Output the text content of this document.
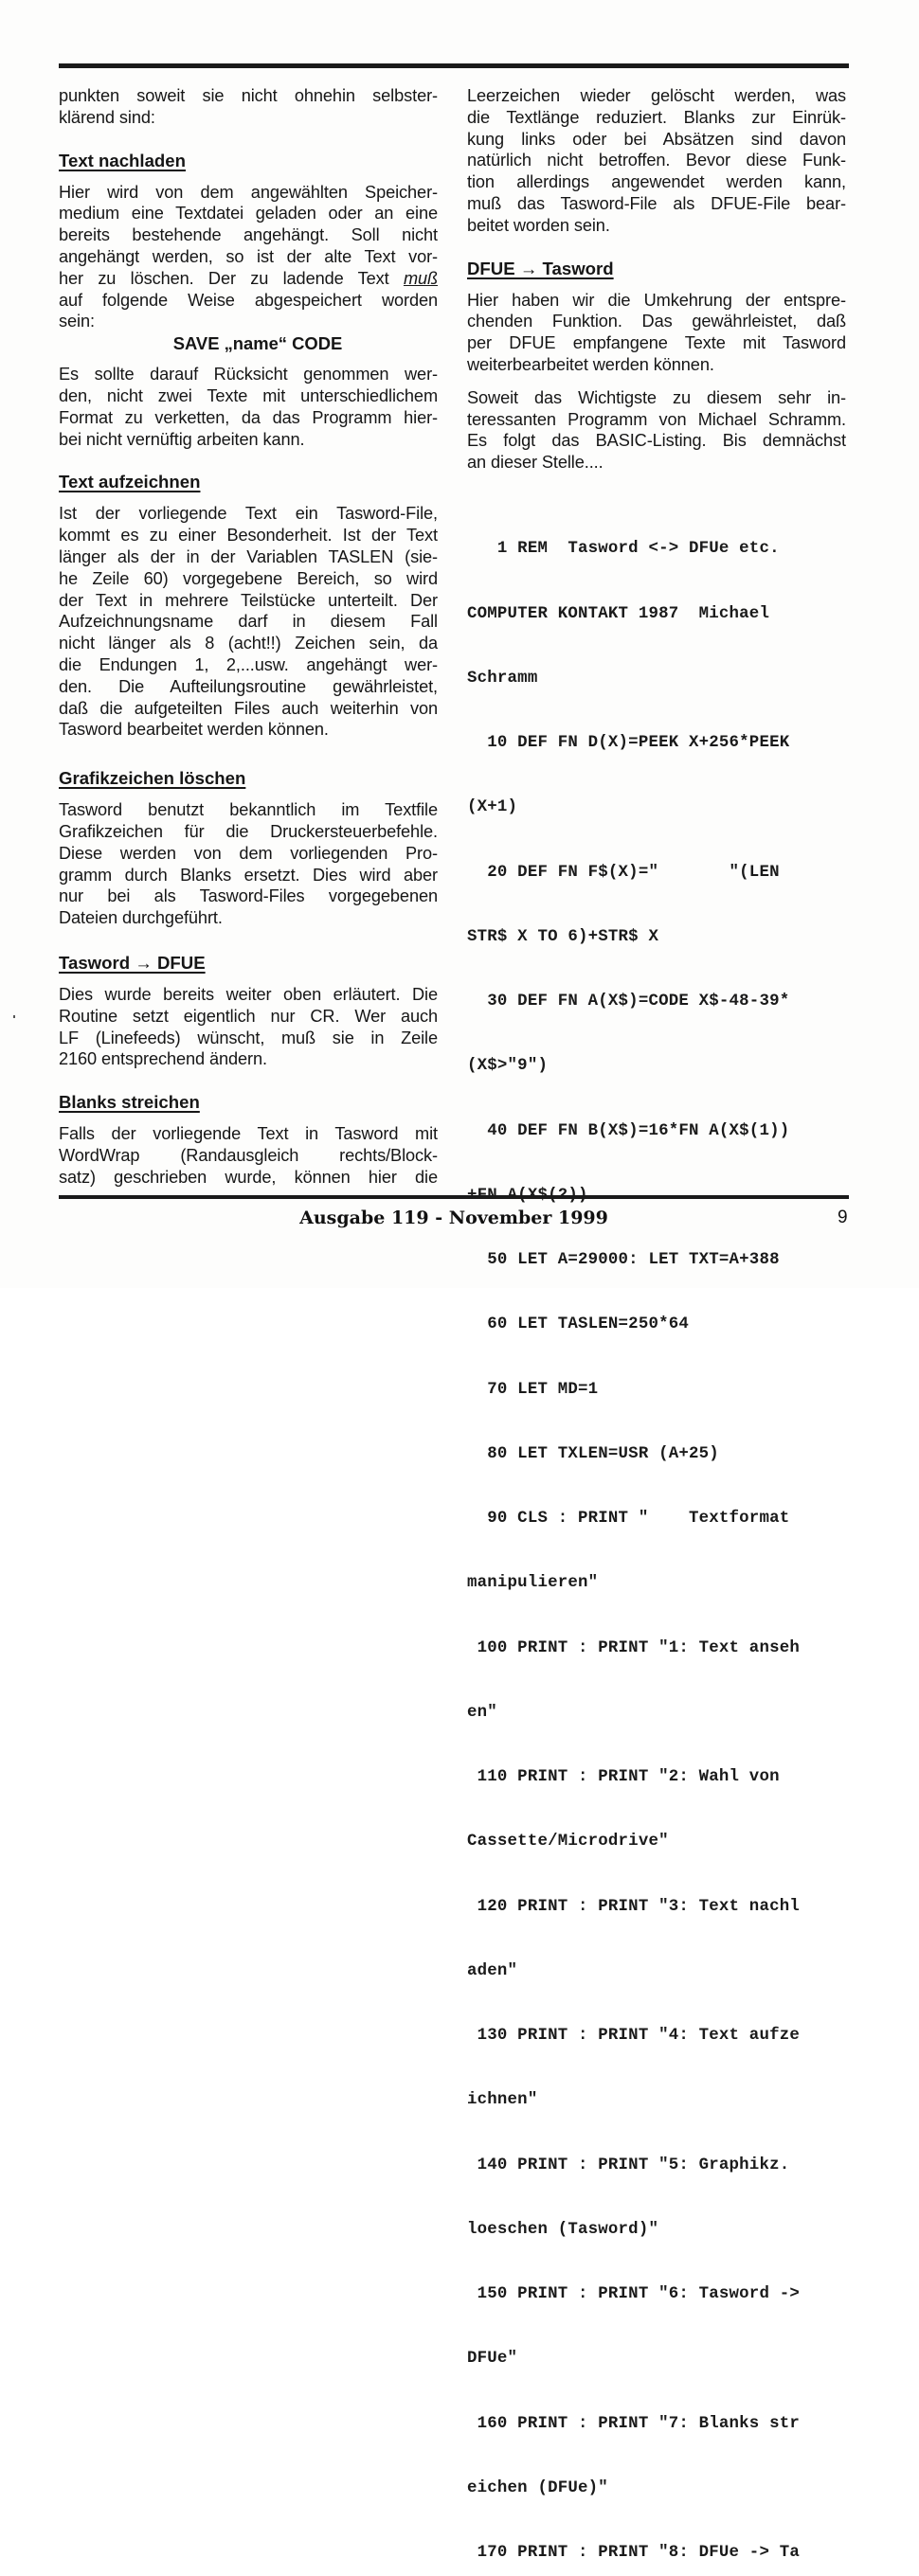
punkten soweit sie nicht ohnehin selbster-
klärend sind:

Text nachladen

Hier wird von dem angewählten Speicher-
medium eine Textdatei geladen oder an eine
bereits bestehende angehängt. Soll nicht
angehängt werden, so ist der alte Text vor-
her zu löschen. Der zu ladende Text muß
auf folgende Weise abgespeichert worden
sein:

SAVE „name“ CODE

Es sollte darauf Rücksicht genommen wer-
den, nicht zwei Texte mit unterschiedlichem
Format zu verketten, da das Programm hier-
bei nicht vernüftig arbeiten kann.

Text aufzeichnen

Ist der vorliegende Text ein Tasword-File,
kommt es zu einer Besonderheit. Ist der Text
länger als der in der Variablen TASLEN (sie-
he Zeile 60) vorgegebene Bereich, so wird
der Text in mehrere Teilstücke unterteilt. Der
Aufzeichnungsname darf in diesem Fall
nicht länger als 8 (acht!!) Zeichen sein, da
die Endungen 1, 2,...usw. angehängt wer-
den. Die Aufteilungsroutine gewährleistet,
daß die aufgeteilten Files auch weiterhin von
Tasword bearbeitet werden können.

Grafikzeichen löschen

Tasword benutzt bekanntlich im Textfile
Grafikzeichen für die Druckersteuerbefehle.
Diese werden von dem vorliegenden Pro-
gramm durch Blanks ersetzt. Dies wird aber
nur bei als Tasword-Files vorgegebenen
Dateien durchgeführt.

Tasword → DFUE

Dies wurde bereits weiter oben erläutert. Die
Routine setzt eigentlich nur CR. Wer auch
LF (Linefeeds) wünscht, muß sie in Zeile
2160 entsprechend ändern.

Blanks streichen

Falls der vorliegende Text in Tasword mit
WordWrap (Randausgleich rechts/Block-
satz) geschrieben wurde, können hier die

Leerzeichen wieder gelöscht werden, was
die Textlänge reduziert. Blanks zur Einrük-
kung links oder bei Absätzen sind davon
natürlich nicht betroffen. Bevor diese Funk-
tion allerdings angewendet werden kann,
muß das Tasword-File als DFUE-File bear-
beitet worden sein.

DFUE → Tasword

Hier haben wir die Umkehrung der entspre-
chenden Funktion. Das gewährleistet, daß
per DFUE empfangene Texte mit Tasword
weiterbearbeitet werden können.

Soweit das Wichtigste zu diesem sehr in-
teressanten Programm von Michael Schramm.
Es folgt das BASIC-Listing. Bis demnächst
an dieser Stelle....

1 REM  Tasword <-> DFUe etc.

COMPUTER KONTAKT 1987  Michael

Schramm

10 DEF FN D(X)=PEEK X+256*PEEK

(X+1)

20 DEF FN F$(X)="       "(LEN

STR$ X TO 6)+STR$ X

30 DEF FN A(X$)=CODE X$-48-39*

(X$>"9")

40 DEF FN B(X$)=16*FN A(X$(1))

50 LET A=29000: LET TXT=A+388

60 LET TASLEN=250*64

70 LET MD=1

80 LET TXLEN=USR (A+25)

90 CLS : PRINT "    Textformat

manipulieren"

100 PRINT : PRINT "1: Text anseh

en"

110 PRINT : PRINT "2: Wahl von

Cassette/Microdrive"

120 PRINT : PRINT "3: Text nachl

aden"

130 PRINT : PRINT "4: Text aufze

ichnen"

140 PRINT : PRINT "5: Graphikz.

loeschen (Tasword)"

150 PRINT : PRINT "6: Tasword ->

DFUe"

160 PRINT : PRINT "7: Blanks str

eichen (DFUe)"

170 PRINT : PRINT "8: DFUe -> Ta

Ausgabe 119 - November 1999	9
